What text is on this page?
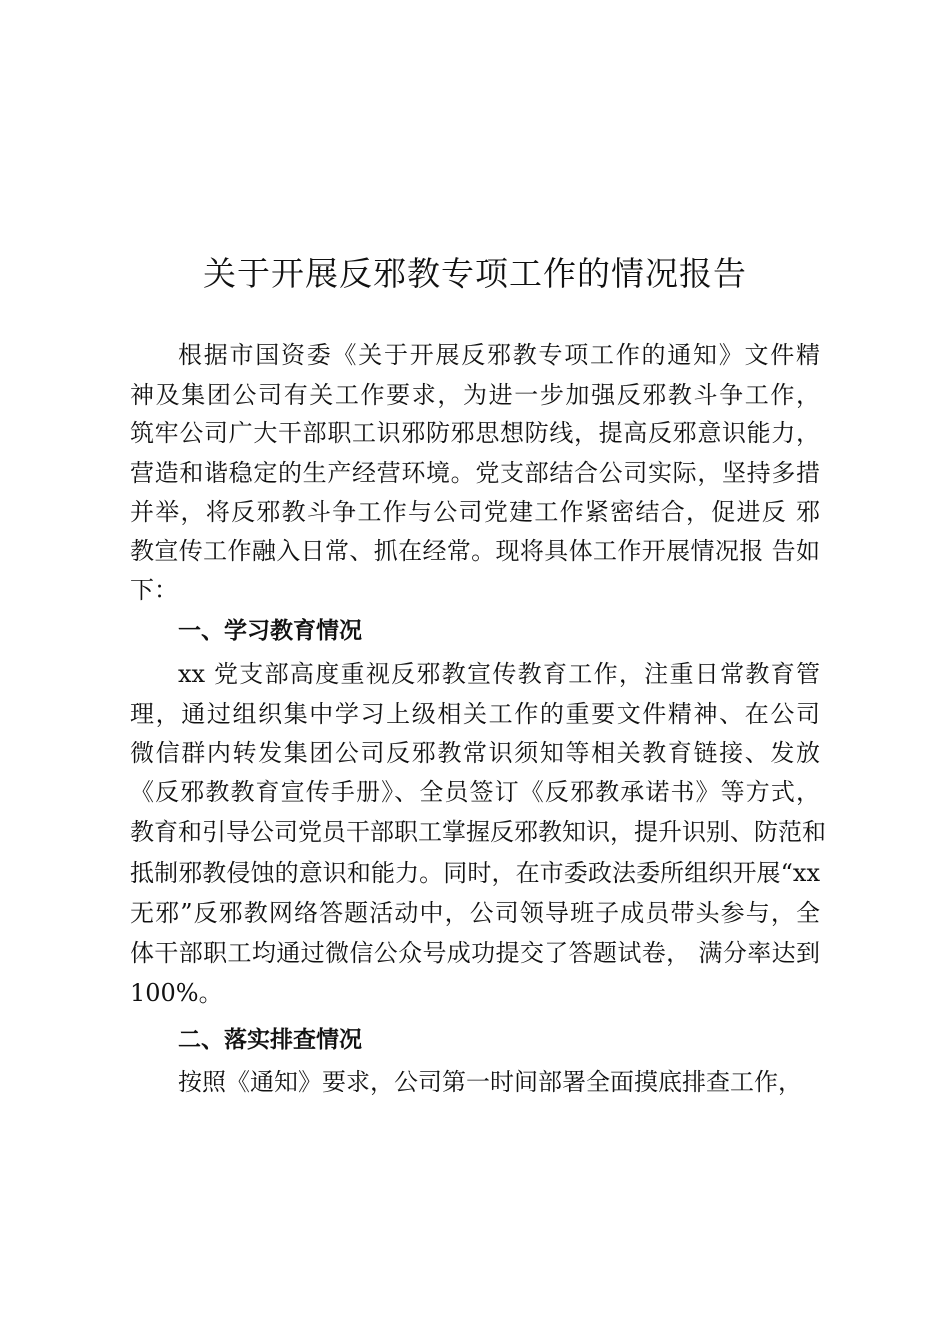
关于开展反邪教专项工作的情况报告
根据市国资委《关于开展反邪教专项工作的通知》文件精
神及集团公司有关工作要求，为进一步加强反邪教斗争工作，
筑牢公司广大干部职工识邪防邪思想防线，提高反邪意识能力，
营造和谐稳定的生产经营环境。党支部结合公司实际，坚持多措
并举，将反邪教斗争工作与公司党建工作紧密结合，促进反 邪
教宣传工作融入日常、抓在经常。现将具体工作开展情况报 告如
下：
一、学习教育情况
xx 党支部高度重视反邪教宣传教育工作，注重日常教育管
理，通过组织集中学习上级相关工作的重要文件精神、在公司
微信群内转发集团公司反邪教常识须知等相关教育链接、发放
《反邪教教育宣传手册》、全员签订《反邪教承诺书》等方式，
教育和引导公司党员干部职工掌握反邪教知识，提升识别、防范和
抵制邪教侵蚀的意识和能力。同时，在市委政法委所组织开展“xx
无邪”反邪教网络答题活动中，公司领导班子成员带头参与，全
体干部职工均通过微信公众号成功提交了答题试卷， 满分率达到
100%。
二、落实排查情况
按照《通知》要求，公司第一时间部署全面摸底排查工作，
